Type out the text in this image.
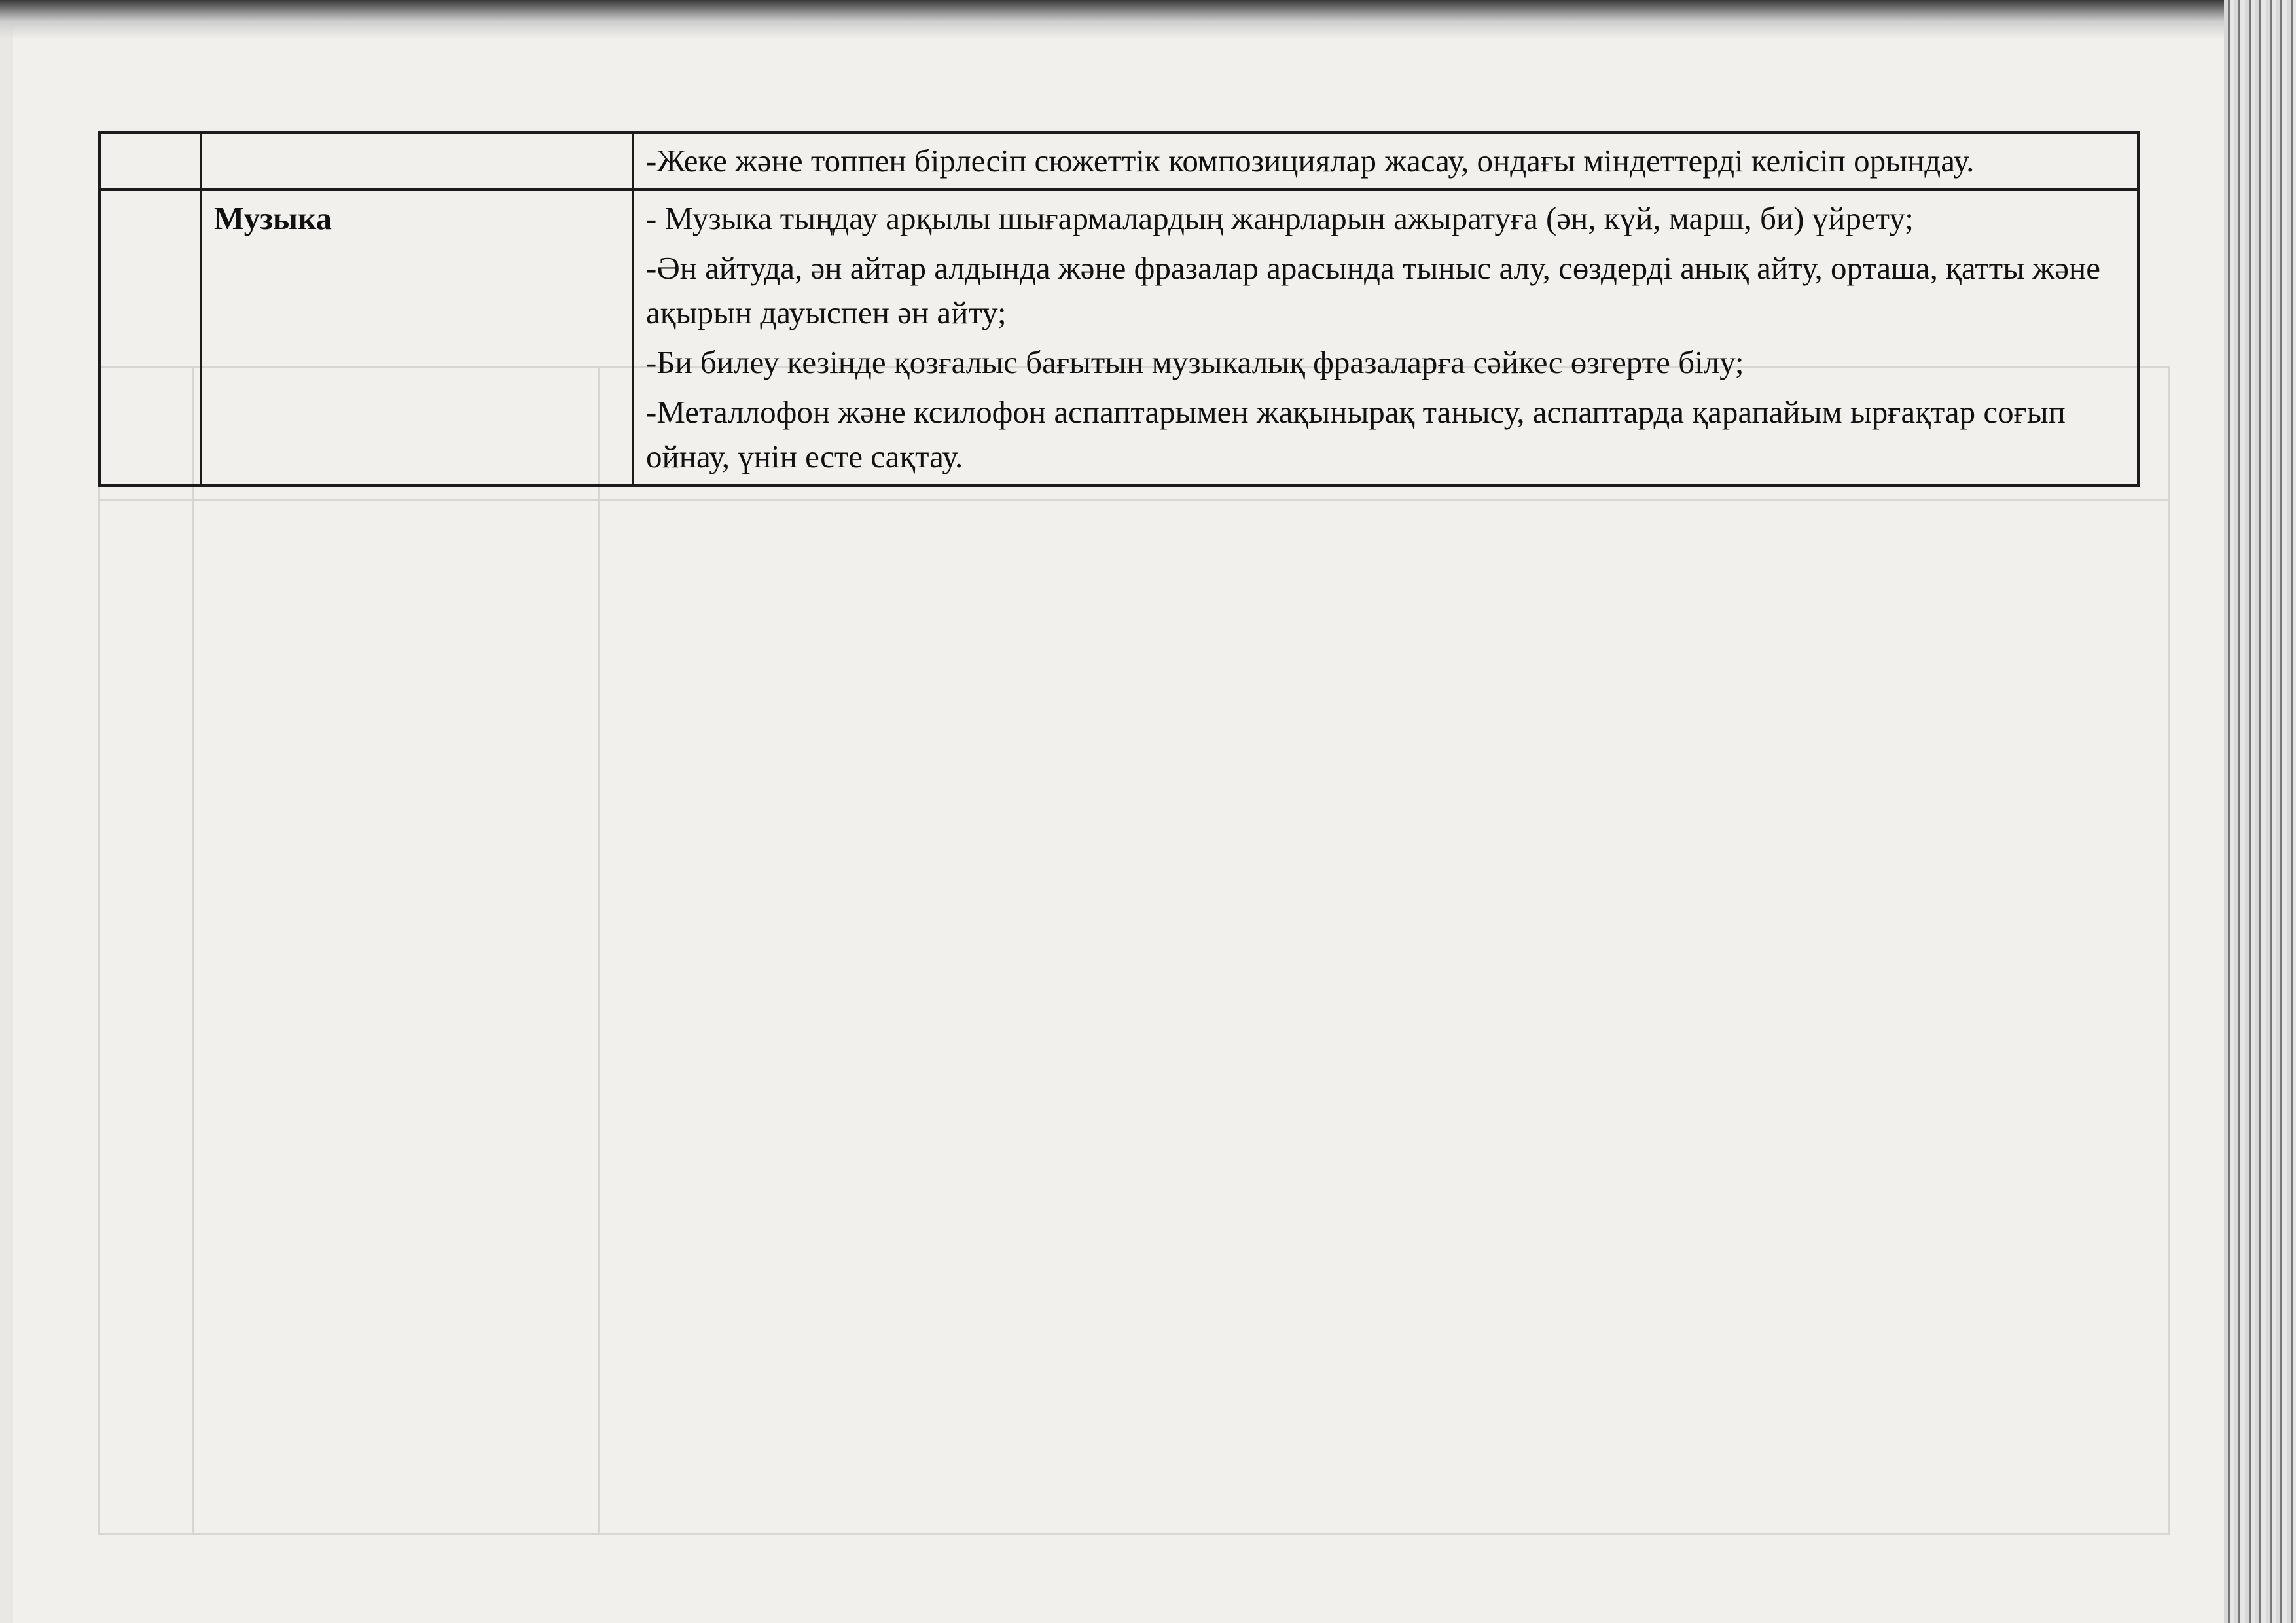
		-Жеке және топпен бірлесіп сюжеттік композициялар жасау, ондағы міндеттерді келісіп орындау.

	Музыка	- Музыка тыңдау арқылы шығармалардың жанрларын ажыратуға (ән, күй, марш, би) үйрету;
-Ән айтуда, ән айтар алдында және фразалар арасында тыныс алу, сөздерді анық айту, орташа, қатты және ақырын дауыспен ән айту;
-Би билеу кезінде қозғалыс бағытын музыкалық фразаларға сәйкес өзгерте білу;
-Металлофон және ксилофон аспаптарымен жақынырақ танысу, аспаптарда қарапайым ырғақтар соғып ойнау, үнін есте сақтау.
